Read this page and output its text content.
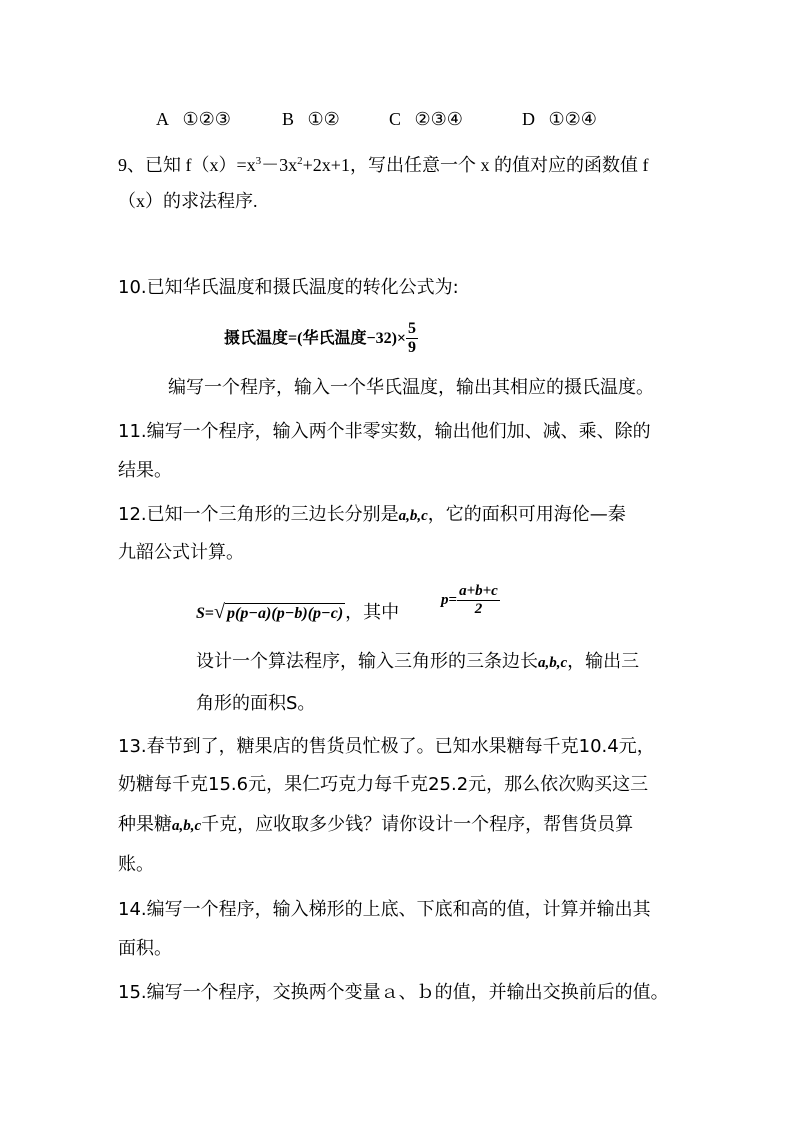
A ①②③	B ①②	C ②③④	D ①②④
9、已知 $f(x)=x^3-3x^2+2x+1$，写出任意一个 x 的值对应的函数值 f
（x）的求法程序.
10.已知华氏温度和摄氏温度的转化公式为:
摄氏温度=(华氏温度$-32)\times \frac{5}{9}$
编写一个程序，输入一个华氏温度，输出其相应的摄氏温度。
11.编写一个程序，输入两个非零实数，输出他们加、减、乘、除的
结果。
12.已知一个三角形的三边长分别是a,b,c，它的面积可用海伦—秦
九韶公式计算。
S=√ p(p−a)(p−b)(p−c) ，其中
$p= \frac{a+b+c}{2}$
设计一个算法程序，输入三角形的三条边长a,b,c，输出三
角形的面积S。
13.春节到了，糖果店的售货员忙极了。已知水果糖每千克10.4元，
奶糖每千克15.6元，果仁巧克力每千克25.2元，那么依次购买这三
种果糖a,b,c千克，应收取多少钱？请你设计一个程序，帮售货员算
账。
14.编写一个程序，输入梯形的上底、下底和高的值，计算并输出其
面积。
15.编写一个程序，交换两个变量ａ、ｂ的值，并输出交换前后的值。
